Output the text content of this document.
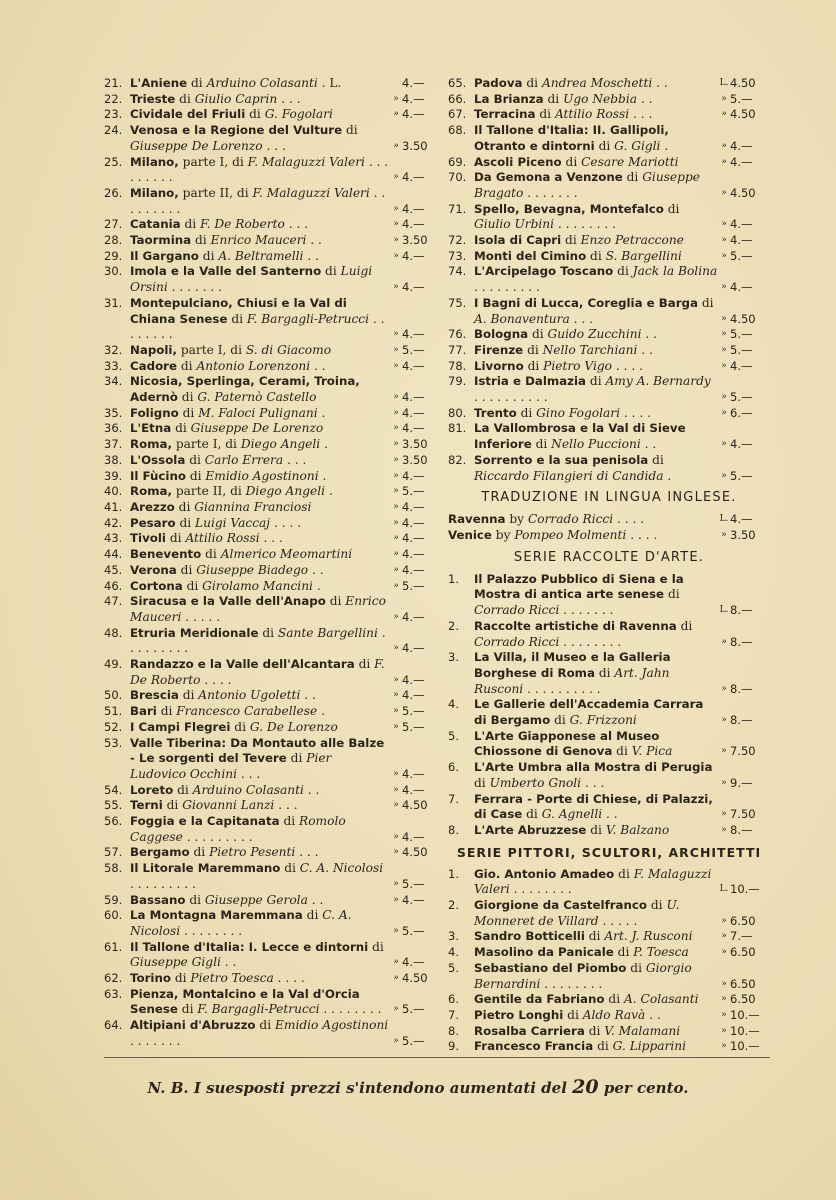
21. L'Aniene di Arduino Colasanti . L.	4.—
22. Trieste di Giulio Caprin . . .	» 4.—
23. Cividale del Friuli di G. Fogolari	» 4.—
24. Venosa e la Regione del Vulture di Giuseppe De Lorenzo . . .	» 3.50
25. Milano, parte I, di F. Malaguzzi Valeri . . . . . . . . .	» 4.—
26. Milano, parte II, di F. Malaguzzi Valeri . . . . . . . . .	» 4.—
27. Catania di F. De Roberto . . .	» 4.—
28. Taormina di Enrico Mauceri . .	» 3.50
29. Il Gargano di A. Beltramelli . .	» 4.—
30. Imola e la Valle del Santerno di Luigi Orsini . . . . . . .	» 4.—
31. Montepulciano, Chiusi e la Val di Chiana Senese di F. Bargagli-Petrucci . . . . . . . .	» 4.—
32. Napoli, parte I, di S. di Giacomo	» 5.—
33. Cadore di Antonio Lorenzoni . .	» 4.—
34. Nicosia, Sperlinga, Cerami, Troina, Adernò di G. Paternò Castello	» 4.—
35. Foligno di M. Faloci Pulignani .	» 4.—
36. L'Etna di Giuseppe De Lorenzo	» 4.—
37. Roma, parte I, di Diego Angeli .	» 3.50
38. L'Ossola di Carlo Errera . . .	» 3.50
39. Il Fùcino di Emidio Agostinoni .	» 4.—
40. Roma, parte II, di Diego Angeli .	» 5.—
41. Arezzo di Giannina Franciosi	» 4.—
42. Pesaro di Luigi Vaccaj . . . .	» 4.—
43. Tivoli di Attilio Rossi . . .	» 4.—
44. Benevento di Almerico Meomartini	» 4.—
45. Verona di Giuseppe Biadego . .	» 4.—
46. Cortona di Girolamo Mancini .	» 5.—
47. Siracusa e la Valle dell'Anapo di Enrico Mauceri . . . . .	» 4.—
48. Etruria Meridionale di Sante Bargellini . . . . . . . . .	» 4.—
49. Randazzo e la Valle dell'Alcantara di F. De Roberto . . . .	» 4.—
50. Brescia di Antonio Ugoletti . .	» 4.—
51. Bari di Francesco Carabellese .	» 5.—
52. I Campi Flegrei di G. De Lorenzo	» 5.—
53. Valle Tiberina: Da Montauto alle Balze - Le sorgenti del Tevere di Pier Ludovico Occhini . . .	» 4.—
54. Loreto di Arduino Colasanti . .	» 4.—
55. Terni di Giovanni Lanzi . . .	» 4.50
56. Foggia e la Capitanata di Romolo Caggese . . . . . . . . .	» 4.—
57. Bergamo di Pietro Pesenti . . .	» 4.50
58. Il Litorale Maremmano di C. A. Nicolosi . . . . . . . . .	» 5.—
59. Bassano di Giuseppe Gerola . .	» 4.—
60. La Montagna Maremmana di C. A. Nicolosi . . . . . . . .	» 5.—
61. Il Tallone d'Italia: I. Lecce e dintorni di Giuseppe Gigli . .	» 4.—
62. Torino di Pietro Toesca . . . .	» 4.50
63. Pienza, Montalcino e la Val d'Orcia Senese di F. Bargagli-Petrucci . . . . . . . .	» 5.—
64. Altipiani d'Abruzzo di Emidio Agostinoni . . . . . . .	» 5.—
65. Padova di Andrea Moschetti . .	L. 4.50
66. La Brianza di Ugo Nebbia . .	» 5.—
67. Terracina di Attilio Rossi . . .	» 4.50
68. Il Tallone d'Italia: II. Gallipoli, Otranto e dintorni di G. Gigli .	» 4.—
69. Ascoli Piceno di Cesare Mariotti	» 4.—
70. Da Gemona a Venzone di Giuseppe Bragato . . . . . . .	» 4.50
71. Spello, Bevagna, Montefalco di Giulio Urbini . . . . . . . .	» 4.—
72. Isola di Capri di Enzo Petraccone	» 4.—
73. Monti del Cimino di S. Bargellini	» 5.—
74. L'Arcipelago Toscano di Jack la Bolina . . . . . . . . .	» 4.—
75. I Bagni di Lucca, Coreglia e Barga di A. Bonaventura . . .	» 4.50
76. Bologna di Guido Zucchini . .	» 5.—
77. Firenze di Nello Tarchiani . .	» 5.—
78. Livorno di Pietro Vigo . . . .	» 4.—
79. Istria e Dalmazia di Amy A. Bernardy . . . . . . . . . .	» 5.—
80. Trento di Gino Fogolari . . . .	» 6.—
81. La Vallombrosa e la Val di Sieve Inferiore di Nello Puccioni . .	» 4.—
82. Sorrento e la sua penisola di Riccardo Filangieri di Candida .	» 5.—
TRADUZIONE IN LINGUA INGLESE.
Ravenna by Corrado Ricci . . . .	L. 4.—
Venice by Pompeo Molmenti . . . .	» 3.50
SERIE RACCOLTE D'ARTE.
1.	Il Palazzo Pubblico di Siena e la Mostra di antica arte senese di Corrado Ricci . . . . . . .	L. 8.—
2.	Raccolte artistiche di Ravenna di Corrado Ricci . . . . . . . .	» 8.—
3.	La Villa, il Museo e la Galleria Borghese di Roma di Art. Jahn Rusconi . . . . . . . . . .	» 8.—
4.	Le Gallerie dell'Accademia Carrara di Bergamo di G. Frizzoni	» 8.—
5.	L'Arte Giapponese al Museo Chiossone di Genova di V. Pica	» 7.50
6.	L'Arte Umbra alla Mostra di Perugia di Umberto Gnoli . . .	» 9.—
7.	Ferrara - Porte di Chiese, di Palazzi, di Case di G. Agnelli . .	» 7.50
8.	L'Arte Abruzzese di V. Balzano	» 8.—
SERIE PITTORI, SCULTORI, ARCHITETTI
1.	Gio. Antonio Amadeo di F. Malaguzzi Valeri . . . . . . . .	L. 10.—
2.	Giorgione da Castelfranco di U. Monneret de Villard . . . . .	» 6.50
3.	Sandro Botticelli di Art. J. Rusconi	» 7.—
4.	Masolino da Panicale di P. Toesca	» 6.50
5.	Sebastiano del Piombo di Giorgio Bernardini . . . . . . . .	» 6.50
6.	Gentile da Fabriano di A. Colasanti	» 6.50
7.	Pietro Longhi di Aldo Ravà . .	» 10.—
8.	Rosalba Carriera di V. Malamani	» 10.—
9.	Francesco Francia di G. Lipparini	» 10.—
N. B. I suesposti prezzi s'intendono aumentati del 20 per cento.
